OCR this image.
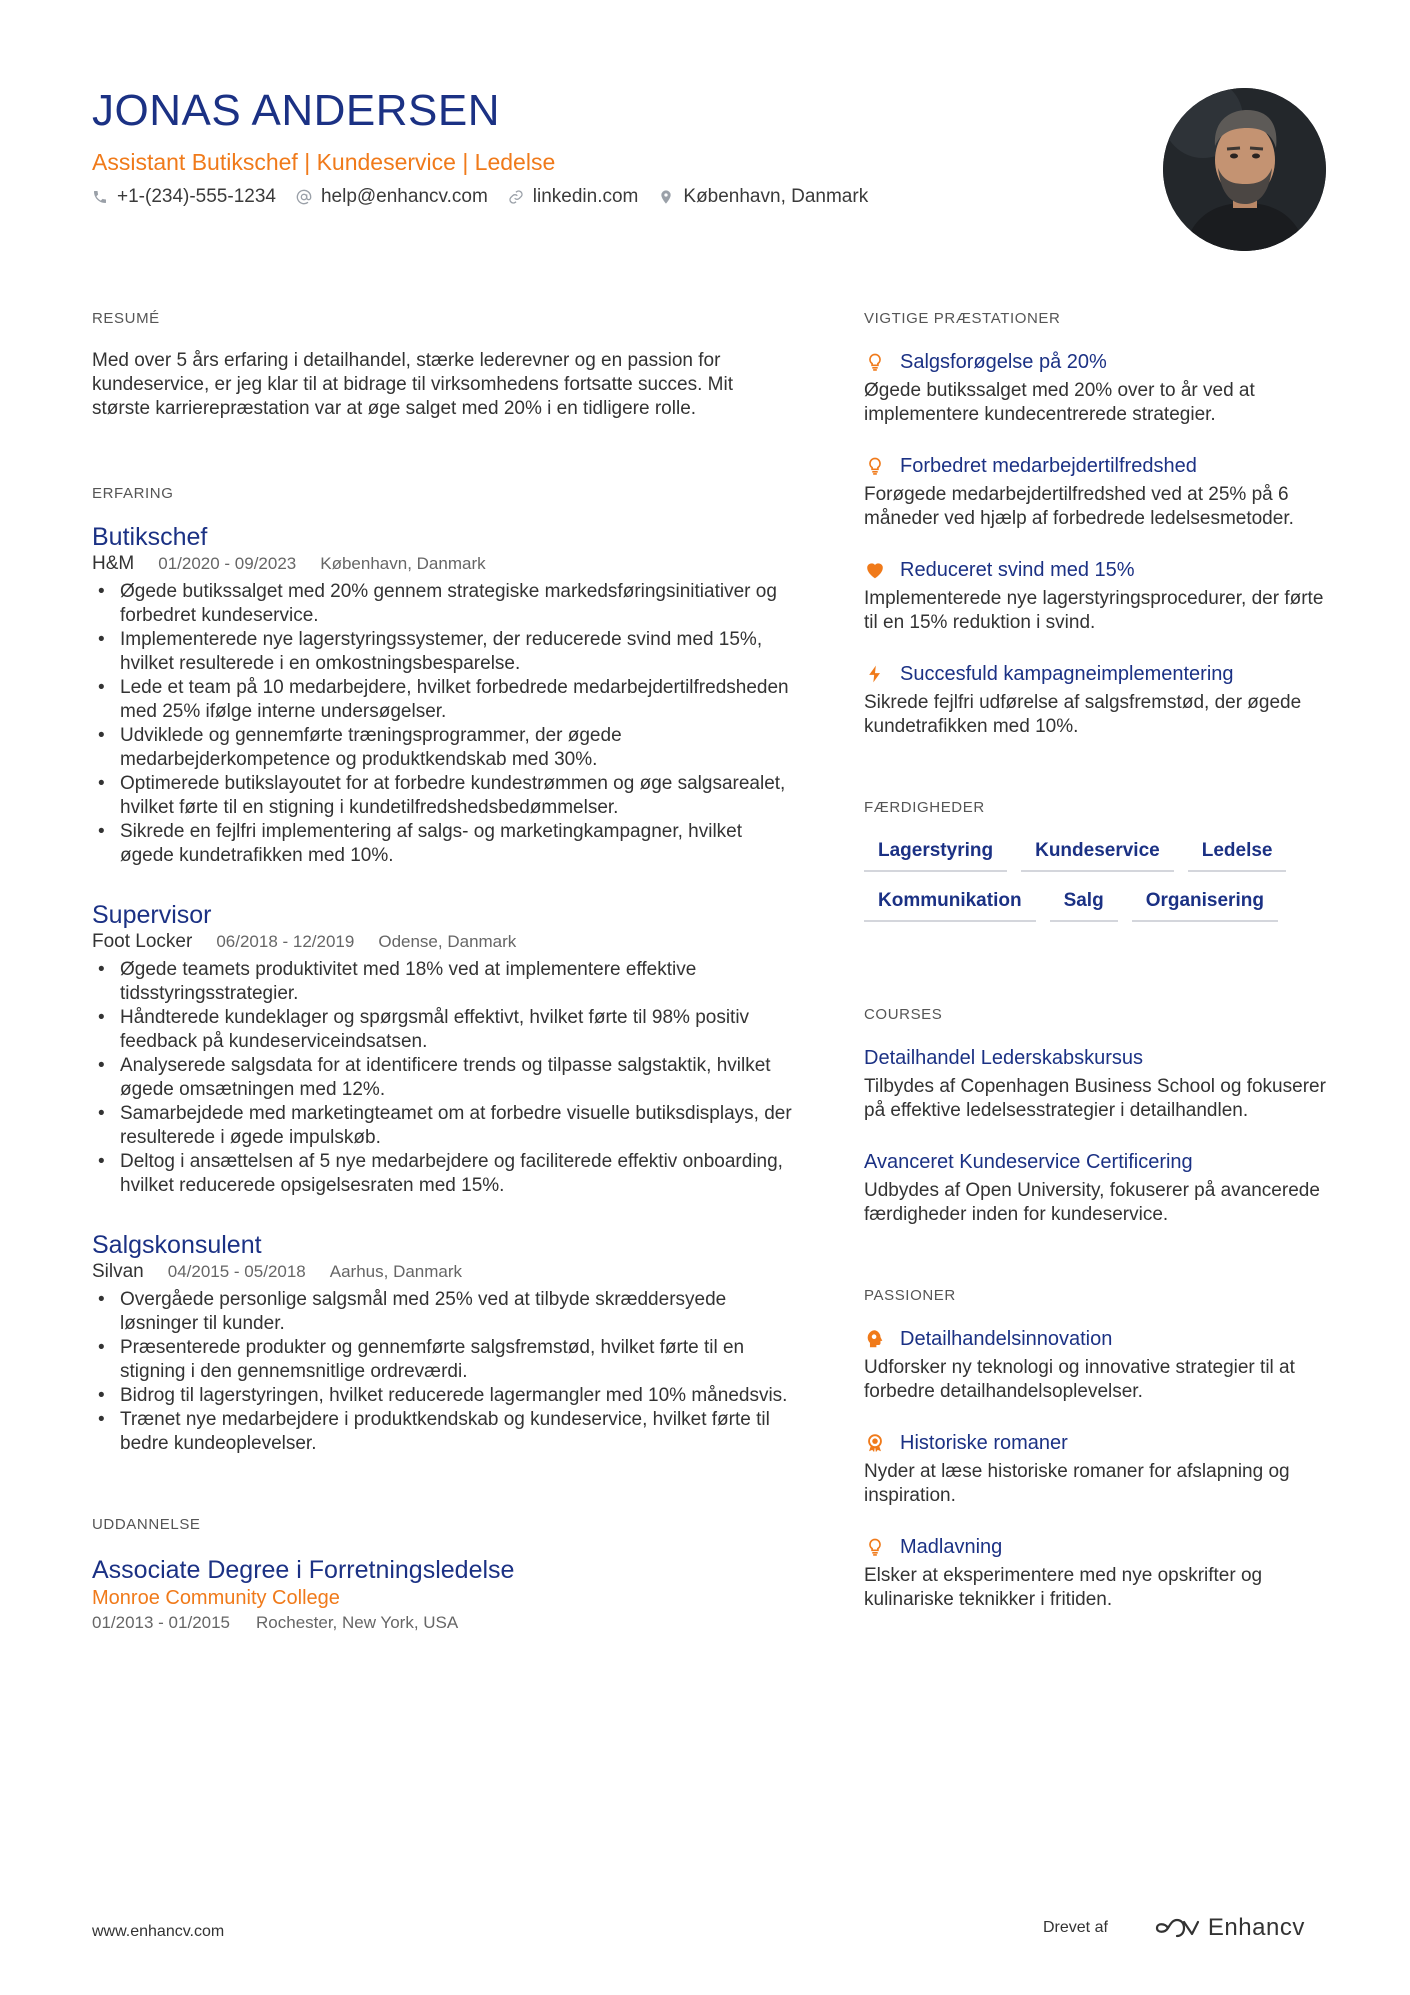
JONAS ANDERSEN
Assistant Butikschef | Kundeservice | Ledelse
+1-(234)-555-1234 help@enhancv.com linkedin.com København, Danmark
RESUMÉ

Med over 5 års erfaring i detailhandel, stærke lederevner og en passion for kundeservice, er jeg klar til at bidrage til virksomhedens fortsatte succes. Mit største karrierepræstation var at øge salget med 20% i en tidligere rolle.

ERFARING
Butikschef
H&M 01/2020 - 09/2023 København, Danmark
• Øgede butikssalget med 20% gennem strategiske markedsføringsinitiativer og forbedret kundeservice.
• Implementerede nye lagerstyringssystemer, der reducerede svind med 15%, hvilket resulterede i en omkostningsbesparelse.
• Lede et team på 10 medarbejdere, hvilket forbedrede medarbejdertilfredsheden med 25% ifølge interne undersøgelser.
• Udviklede og gennemførte træningsprogrammer, der øgede medarbejderkompetence og produktkendskab med 30%.
• Optimerede butikslayoutet for at forbedre kundestrømmen og øge salgsarealet, hvilket førte til en stigning i kundetilfredshedsbedømmelser.
• Sikrede en fejlfri implementering af salgs- og marketingkampagner, hvilket øgede kundetrafikken med 10%.
Supervisor
Foot Locker 06/2018 - 12/2019 Odense, Danmark
• Øgede teamets produktivitet med 18% ved at implementere effektive tidsstyringsstrategier.
• Håndterede kundeklager og spørgsmål effektivt, hvilket førte til 98% positiv feedback på kundeserviceindsatsen.
• Analyserede salgsdata for at identificere trends og tilpasse salgstaktik, hvilket øgede omsætningen med 12%.
• Samarbejdede med marketingteamet om at forbedre visuelle butiksdisplays, der resulterede i øgede impulskøb.
• Deltog i ansættelsen af 5 nye medarbejdere og faciliterede effektiv onboarding, hvilket reducerede opsigelsesraten med 15%.
Salgskonsulent
Silvan 04/2015 - 05/2018 Aarhus, Danmark
• Overgåede personlige salgsmål med 25% ved at tilbyde skræddersyede løsninger til kunder.
• Præsenterede produkter og gennemførte salgsfremstød, hvilket førte til en stigning i den gennemsnitlige ordreværdi.
• Bidrog til lagerstyringen, hvilket reducerede lagermangler med 10% månedsvis.
• Trænet nye medarbejdere i produktkendskab og kundeservice, hvilket førte til bedre kundeoplevelser.
UDDANNELSE
Associate Degree i Forretningsledelse
Monroe Community College
01/2013 - 01/2015 Rochester, New York, USA
VIGTIGE PRÆSTATIONER
Salgsforøgelse på 20%
Øgede butikssalget med 20% over to år ved at implementere kundecentrerede strategier.
Forbedret medarbejdertilfredshed
Forøgede medarbejdertilfredshed ved at 25% på 6 måneder ved hjælp af forbedrede ledelsesmetoder.
Reduceret svind med 15%
Implementerede nye lagerstyringsprocedurer, der førte til en 15% reduktion i svind.
Succesfuld kampagneimplementering
Sikrede fejlfri udførelse af salgsfremstød, der øgede kundetrafikken med 10%.
FÆRDIGHEDER
Lagerstyring	Kundeservice	Ledelse
Kommunikation	Salg	Organisering
COURSES
Detailhandel Lederskabskursus
Tilbydes af Copenhagen Business School og fokuserer på effektive ledelsesstrategier i detailhandlen.
Avanceret Kundeservice Certificering
Udbydes af Open University, fokuserer på avancerede færdigheder inden for kundeservice.
PASSIONER
Detailhandelsinnovation
Udforsker ny teknologi og innovative strategier til at forbedre detailhandelsoplevelser.
Historiske romaner
Nyder at læse historiske romaner for afslapning og inspiration.
Madlavning
Elsker at eksperimentere med nye opskrifter og kulinariske teknikker i fritiden.
www.enhancv.com	Drevet af	Enhancv
